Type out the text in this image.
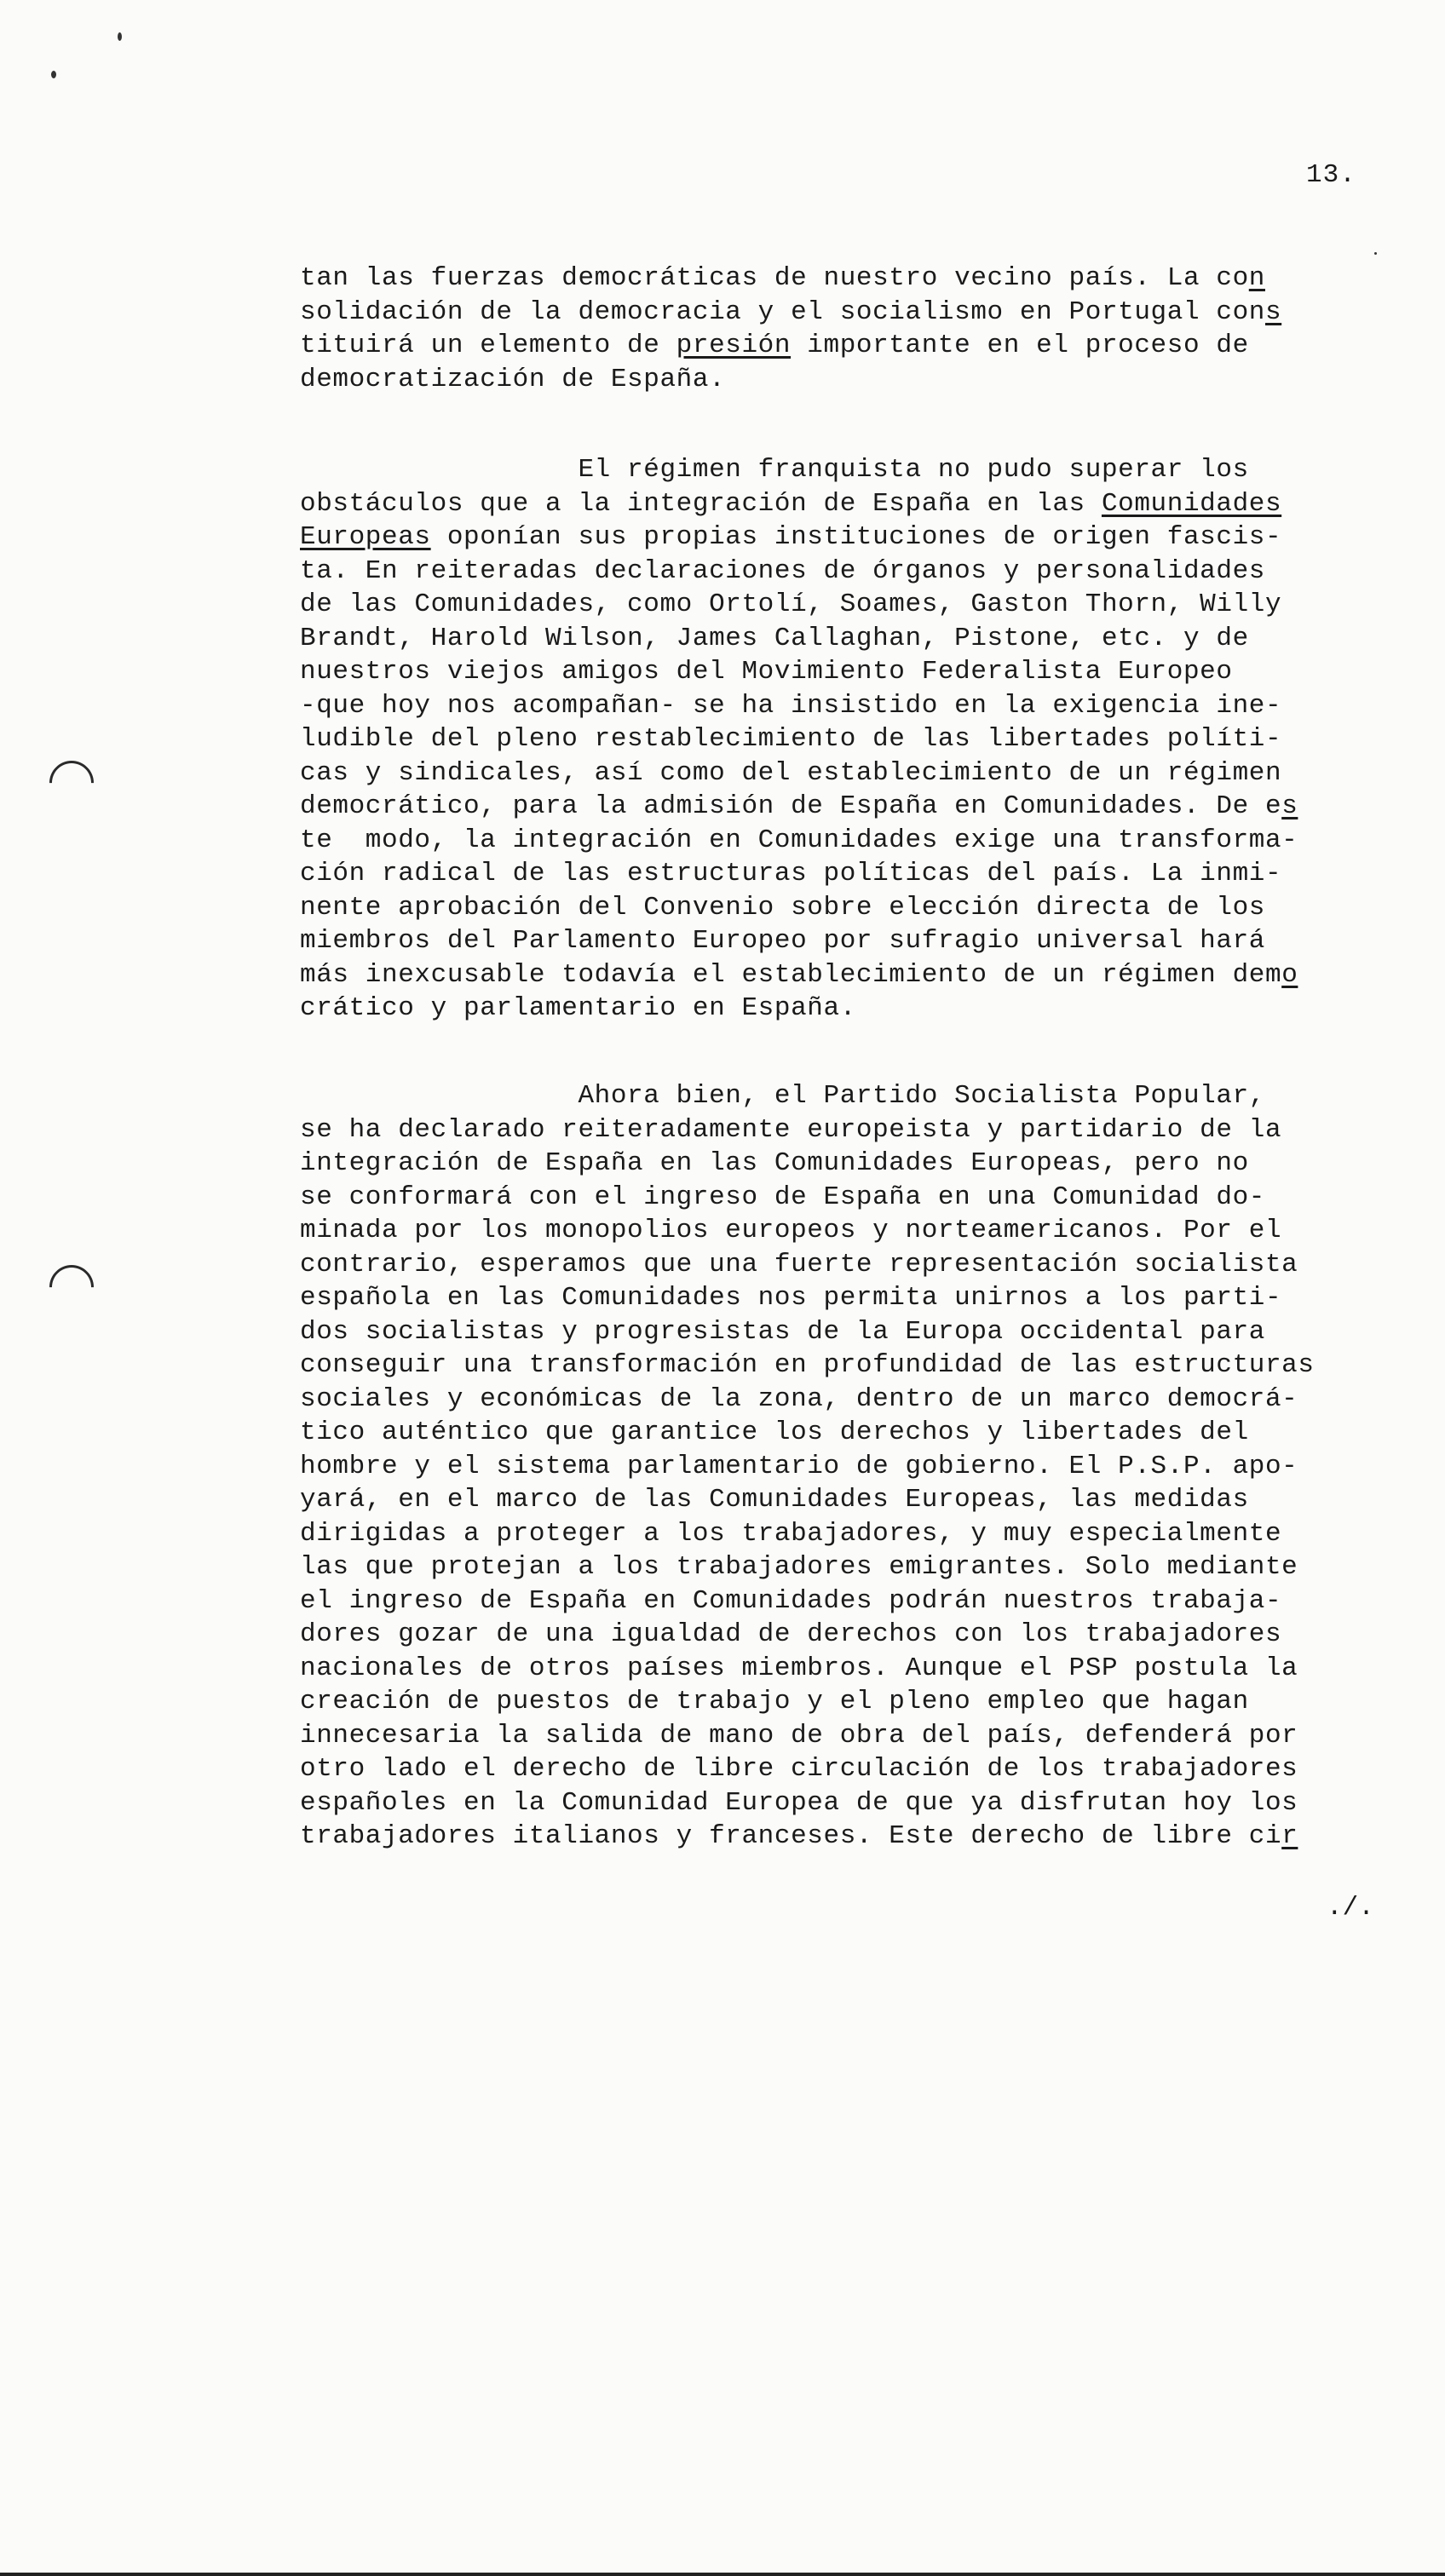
13.
tan las fuerzas democráticas de nuestro vecino país. La con
solidación de la democracia y el socialismo en Portugal cons
tituirá un elemento de presión importante en el proceso de
democratización de España.
El régimen franquista no pudo superar los
obstáculos que a la integración de España en las Comunidades
Europeas oponían sus propias instituciones de origen fascis-
ta. En reiteradas declaraciones de órganos y personalidades
de las Comunidades, como Ortolí, Soames, Gaston Thorn, Willy
Brandt, Harold Wilson, James Callaghan, Pistone, etc. y de
nuestros viejos amigos del Movimiento Federalista Europeo
-que hoy nos acompañan- se ha insistido en la exigencia ine-
ludible del pleno restablecimiento de las libertades políti-
cas y sindicales, así como del establecimiento de un régimen
democrático, para la admisión de España en Comunidades. De es
te  modo, la integración en Comunidades exige una transforma-
ción radical de las estructuras políticas del país. La inmi-
nente aprobación del Convenio sobre elección directa de los
miembros del Parlamento Europeo por sufragio universal hará
más inexcusable todavía el establecimiento de un régimen demo
crático y parlamentario en España.
Ahora bien, el Partido Socialista Popular,
se ha declarado reiteradamente europeista y partidario de la
integración de España en las Comunidades Europeas, pero no
se conformará con el ingreso de España en una Comunidad do-
minada por los monopolios europeos y norteamericanos. Por el
contrario, esperamos que una fuerte representación socialista
española en las Comunidades nos permita unirnos a los parti-
dos socialistas y progresistas de la Europa occidental para
conseguir una transformación en profundidad de las estructuras
sociales y económicas de la zona, dentro de un marco democrá-
tico auténtico que garantice los derechos y libertades del
hombre y el sistema parlamentario de gobierno. El P.S.P. apo-
yará, en el marco de las Comunidades Europeas, las medidas
dirigidas a proteger a los trabajadores, y muy especialmente
las que protejan a los trabajadores emigrantes. Solo mediante
el ingreso de España en Comunidades podrán nuestros trabaja-
dores gozar de una igualdad de derechos con los trabajadores
nacionales de otros países miembros. Aunque el PSP postula la
creación de puestos de trabajo y el pleno empleo que hagan
innecesaria la salida de mano de obra del país, defenderá por
otro lado el derecho de libre circulación de los trabajadores
españoles en la Comunidad Europea de que ya disfrutan hoy los
trabajadores italianos y franceses. Este derecho de libre cir
./.
